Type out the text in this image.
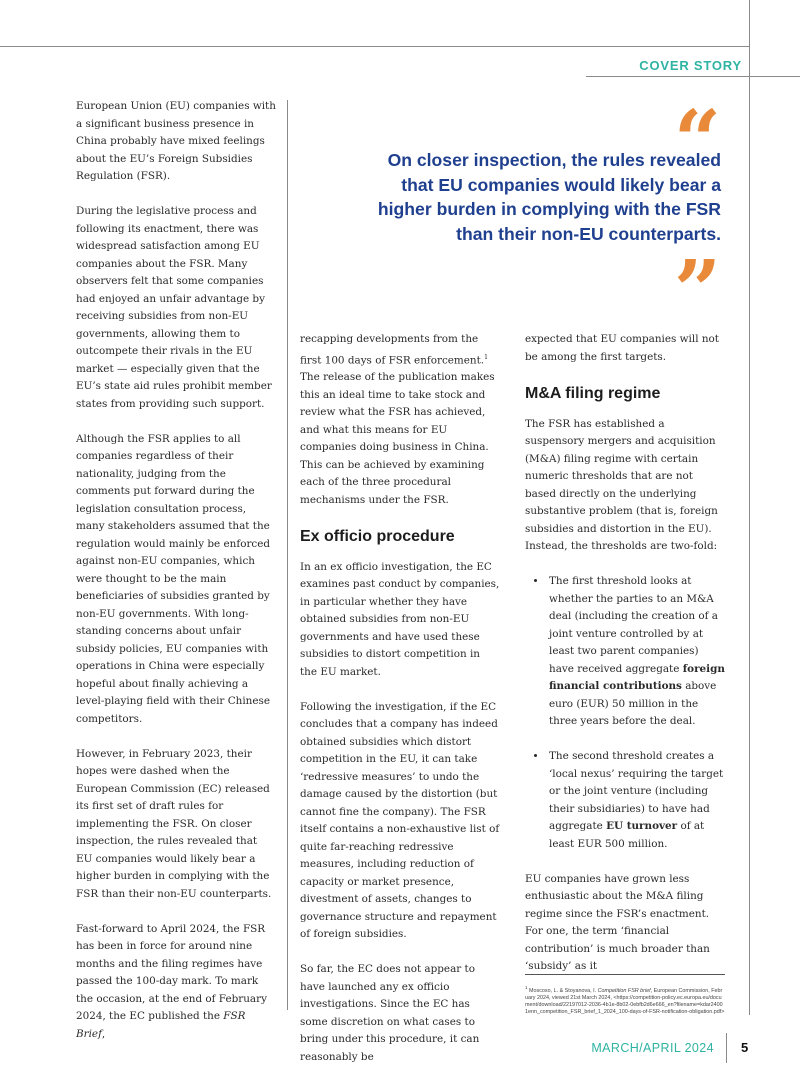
COVER STORY

European Union (EU) companies with a significant business presence in China probably have mixed feelings about the EU’s Foreign Subsidies Regulation (FSR).

During the legislative process and following its enactment, there was widespread satisfaction among EU companies about the FSR. Many observers felt that some companies had enjoyed an unfair advantage by receiving subsidies from non-EU governments, allowing them to outcompete their rivals in the EU market — especially given that the EU’s state aid rules prohibit member states from providing such support.

Although the FSR applies to all companies regardless of their nationality, judging from the comments put forward during the legislation consultation process, many stakeholders assumed that the regulation would mainly be enforced against non-EU companies, which were thought to be the main beneficiaries of subsidies granted by non-EU governments. With long-standing concerns about unfair subsidy policies, EU companies with operations in China were especially hopeful about finally achieving a level-playing field with their Chinese competitors.

However, in February 2023, their hopes were dashed when the European Commission (EC) released its first set of draft rules for implementing the FSR. On closer inspection, the rules revealed that EU companies would likely bear a higher burden in complying with the FSR than their non-EU counterparts.

Fast-forward to April 2024, the FSR has been in force for around nine months and the filing regimes have passed the 100-day mark. To mark the occasion, at the end of February 2024, the EC published the FSR Brief,

“
On closer inspection, the rules revealed that EU companies would likely bear a higher burden in complying with the FSR than their non-EU counterparts.
”

recapping developments from the first 100 days of FSR enforcement.$^1$ The release of the publication makes this an ideal time to take stock and review what the FSR has achieved, and what this means for EU companies doing business in China. This can be achieved by examining each of the three procedural mechanisms under the FSR.

Ex officio procedure

In an ex officio investigation, the EC examines past conduct by companies, in particular whether they have obtained subsidies from non-EU governments and have used these subsidies to distort competition in the EU market.

Following the investigation, if the EC concludes that a company has indeed obtained subsidies which distort competition in the EU, it can take ‘redressive measures’ to undo the damage caused by the distortion (but cannot fine the company). The FSR itself contains a non-exhaustive list of quite far-reaching redressive measures, including reduction of capacity or market presence, divestment of assets, changes to governance structure and repayment of foreign subsidies.

So far, the EC does not appear to have launched any ex officio investigations. Since the EC has some discretion on what cases to bring under this procedure, it can reasonably be

expected that EU companies will not be among the first targets.

M&A filing regime

The FSR has established a suspensory mergers and acquisition (M&A) filing regime with certain numeric thresholds that are not based directly on the underlying substantive problem (that is, foreign subsidies and distortion in the EU). Instead, the thresholds are two-fold:

• The first threshold looks at whether the parties to an M&A deal (including the creation of a joint venture controlled by at least two parent companies) have received aggregate foreign financial contributions above euro (EUR) 50 million in the three years before the deal.
• The second threshold creates a ‘local nexus’ requiring the target or the joint venture (including their subsidiaries) to have had aggregate EU turnover of at least EUR 500 million.

EU companies have grown less enthusiastic about the M&A filing regime since the FSR’s enactment. For one, the term ‘financial contribution’ is much broader than ‘subsidy’ as it

$^1$ Moscoso, L. & Stoyanova, I. Competition FSR brief, European Commission, February 2024, viewed 21st March 2024, <https://competition-policy.ec.europa.eu/document/download/22197012-2036-4b1e-8b02-0ebfb2d6e666_en?filename=kdar24001enn_competition_FSR_brief_1_2024_100-days-of-FSR-notification-obligation.pdf>
MARCH/APRIL 2024 5
